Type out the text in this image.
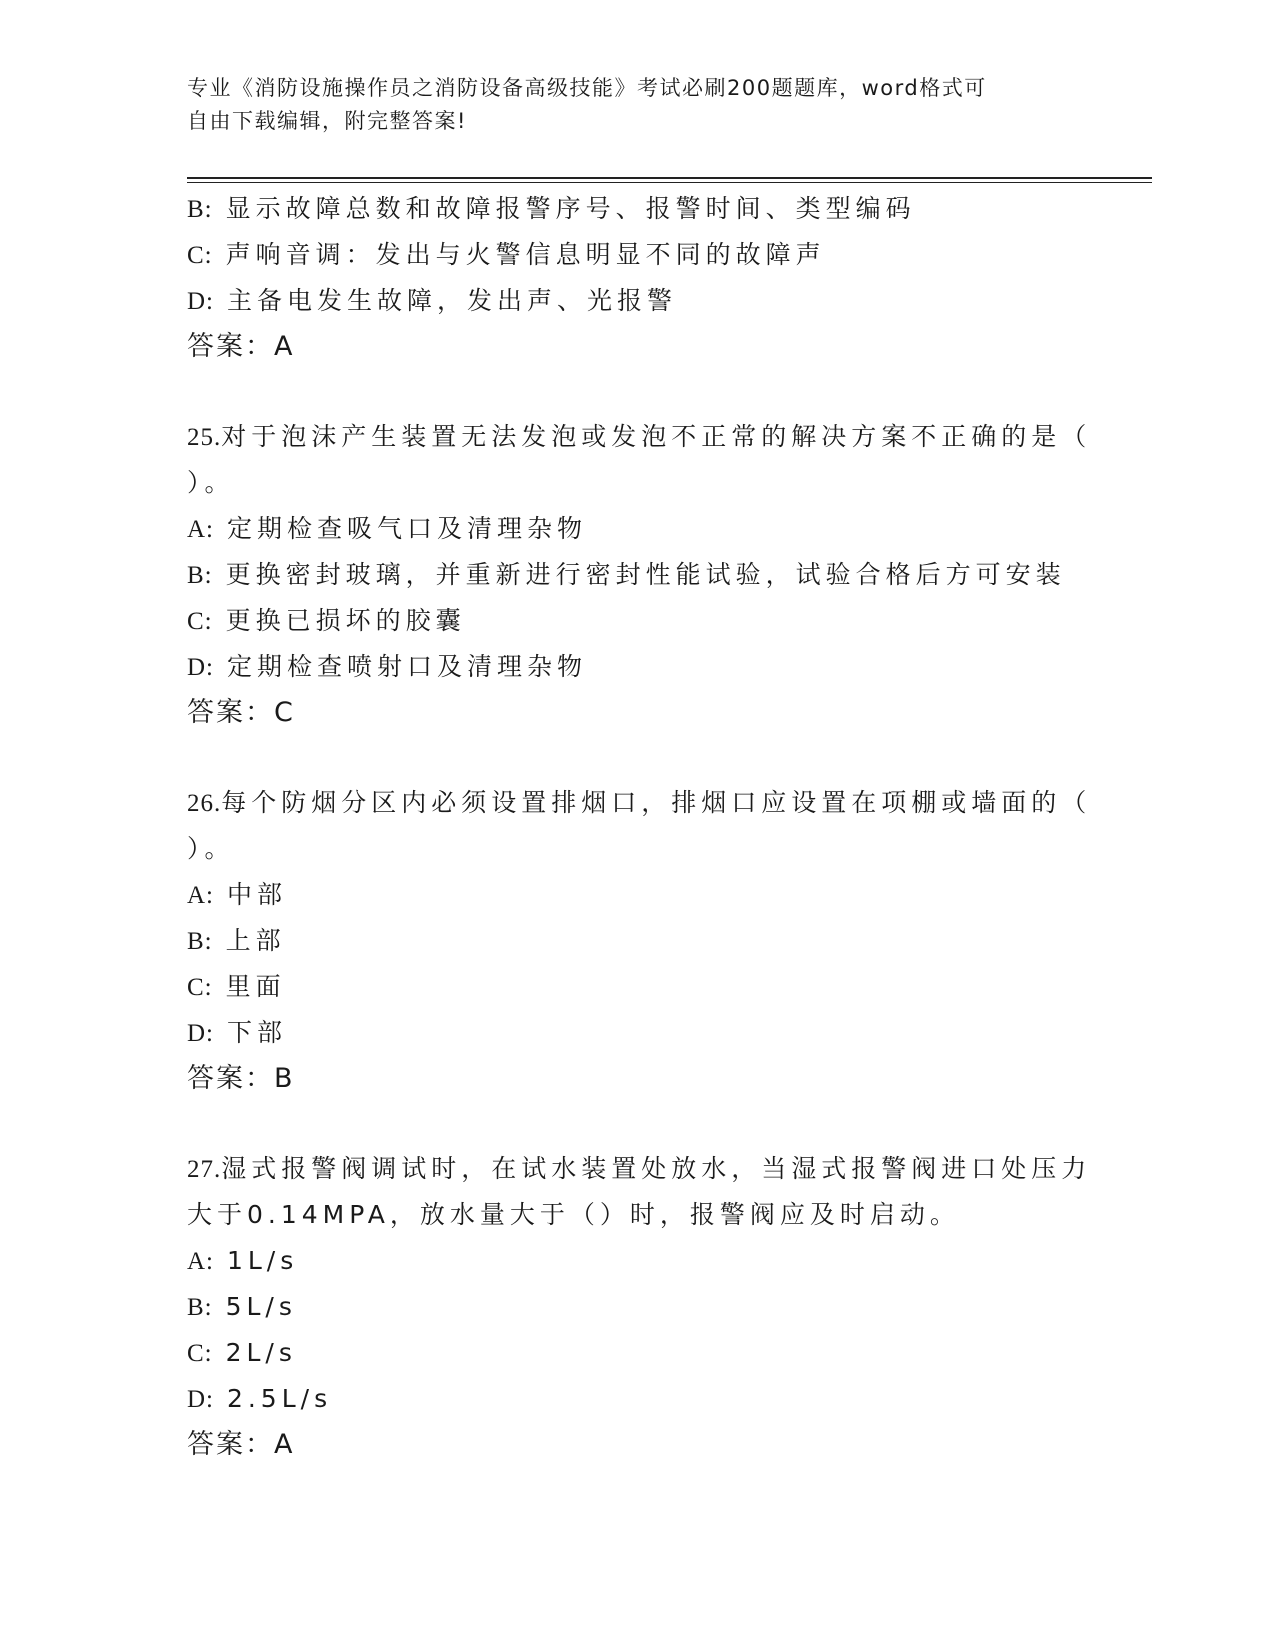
专业《消防设施操作员之消防设备高级技能》考试必刷200题题库，word格式可
自由下载编辑，附完整答案!
B: 显示故障总数和故障报警序号、报警时间、类型编码
C: 声响音调：发出与火警信息明显不同的故障声
D: 主备电发生故障，发出声、光报警
答案：A
25.对于泡沫产生装置无法发泡或发泡不正常的解决方案不正确的是（
）。
A: 定期检查吸气口及清理杂物
B: 更换密封玻璃，并重新进行密封性能试验，试验合格后方可安装
C: 更换已损坏的胶囊
D: 定期检查喷射口及清理杂物
答案：C
26.每个防烟分区内必须设置排烟口，排烟口应设置在项棚或墙面的（
）。
A: 中部
B: 上部
C: 里面
D: 下部
答案：B
27.湿式报警阀调试时，在试水装置处放水，当湿式报警阀进口处压力
大于0.14MPA，放水量大于（）时，报警阀应及时启动。
A: 1L/s
B: 5L/s
C: 2L/s
D: 2.5L/s
答案：A
